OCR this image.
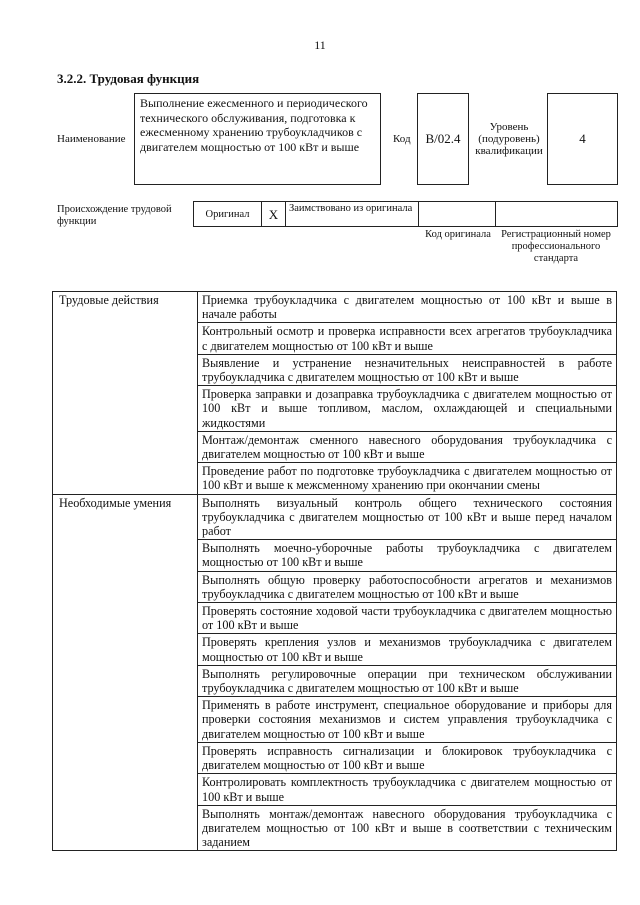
11
3.2.2. Трудовая функция
Наименование
Выполнение ежесменного и периодического технического обслуживания, подготовка к ежесменному хранению трубоукладчиков с двигателем мощностью от 100 кВт и выше
Код	B/02.4
Уровень (подуровень) квалификации
4
Происхождение трудовой функции
Оригинал	X	Заимствовано из оригинала
Код оригинала Регистрационный номер профессионального стандарта
Трудовые действия	Приемка трубоукладчика с двигателем мощностью от 100 кВт и выше в начале работы
	Контрольный осмотр и проверка исправности всех агрегатов трубоукладчика с двигателем мощностью от 100 кВт и выше
	Выявление и устранение незначительных неисправностей в работе трубоукладчика с двигателем мощностью от 100 кВт и выше
	Проверка заправки и дозаправка трубоукладчика с двигателем мощностью от 100 кВт и выше топливом, маслом, охлаждающей и специальными жидкостями
	Монтаж/демонтаж сменного навесного оборудования трубоукладчика с двигателем мощностью от 100 кВт и выше
	Проведение работ по подготовке трубоукладчика с двигателем мощностью от 100 кВт и выше к межсменному хранению при окончании смены
Необходимые умения	Выполнять визуальный контроль общего технического состояния трубоукладчика с двигателем мощностью от 100 кВт и выше перед началом работ
	Выполнять моечно-уборочные работы трубоукладчика с двигателем мощностью от 100 кВт и выше
	Выполнять общую проверку работоспособности агрегатов и механизмов трубоукладчика с двигателем мощностью от 100 кВт и выше
	Проверять состояние ходовой части трубоукладчика с двигателем мощностью от 100 кВт и выше
	Проверять крепления узлов и механизмов трубоукладчика с двигателем мощностью от 100 кВт и выше
	Выполнять регулировочные операции при техническом обслуживании трубоукладчика с двигателем мощностью от 100 кВт и выше
	Применять в работе инструмент, специальное оборудование и приборы для проверки состояния механизмов и систем управления трубоукладчика с двигателем мощностью от 100 кВт и выше
	Проверять исправность сигнализации и блокировок трубоукладчика с двигателем мощностью от 100 кВт и выше
	Контролировать комплектность трубоукладчика с двигателем мощностью от 100 кВт и выше
	Выполнять монтаж/демонтаж навесного оборудования трубоукладчика с двигателем мощностью от 100 кВт и выше в соответствии с техническим заданием
